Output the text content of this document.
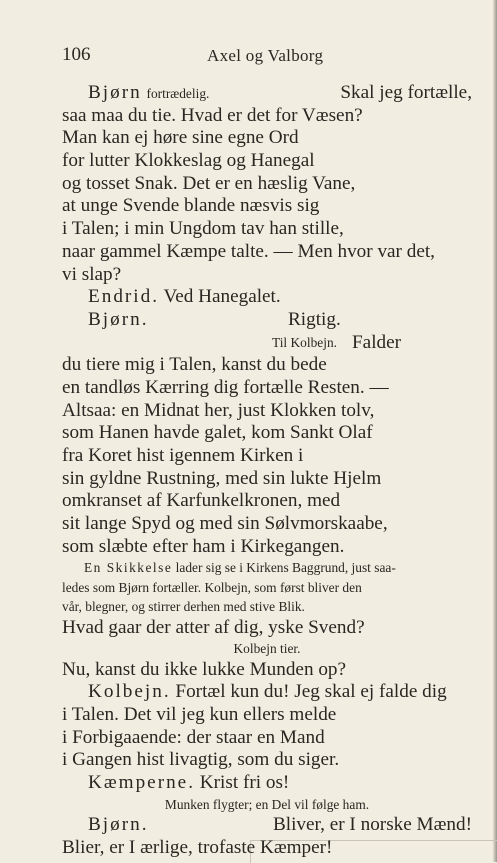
106	Axel og Valborg
Bjørn fortrædelig.	Skal jeg fortælle,
saa maa du tie. Hvad er det for Væsen?
Man kan ej høre sine egne Ord
for lutter Klokkeslag og Hanegal
og tosset Snak. Det er en hæslig Vane,
at unge Svende blande næsvis sig
i Talen; i min Ungdom tav han stille,
naar gammel Kæmpe talte. — Men hvor var det,
vi slap?
Endrid. Ved Hanegalet.
Bjørn.	Rigtig.
Til Kolbejn. Falder
du tiere mig i Talen, kanst du bede
en tandløs Kærring dig fortælle Resten. —
Altsaa: en Midnat her, just Klokken tolv,
som Hanen havde galet, kom Sankt Olaf
fra Koret hist igennem Kirken i
sin gyldne Rustning, med sin lukte Hjelm
omkranset af Karfunkelkronen, med
sit lange Spyd og med sin Sølvmorskaabe,
som slæbte efter ham i Kirkegangen.
En Skikkelse lader sig se i Kirkens Baggrund, just saa-
ledes som Bjørn fortæller. Kolbejn, som først bliver den
vår, blegner, og stirrer derhen med stive Blik.
Hvad gaar der atter af dig, yske Svend?
Kolbejn tier.
Nu, kanst du ikke lukke Munden op?
Kolbejn. Fortæl kun du! Jeg skal ej falde dig
i Talen. Det vil jeg kun ellers melde
i Forbigaaende: der staar en Mand
i Gangen hist livagtig, som du siger.
Kæmperne. Krist fri os!
Munken flygter; en Del vil følge ham.
Bjørn.	Bliver, er I norske Mænd!
Blier, er I ærlige, trofaste Kæmper!
